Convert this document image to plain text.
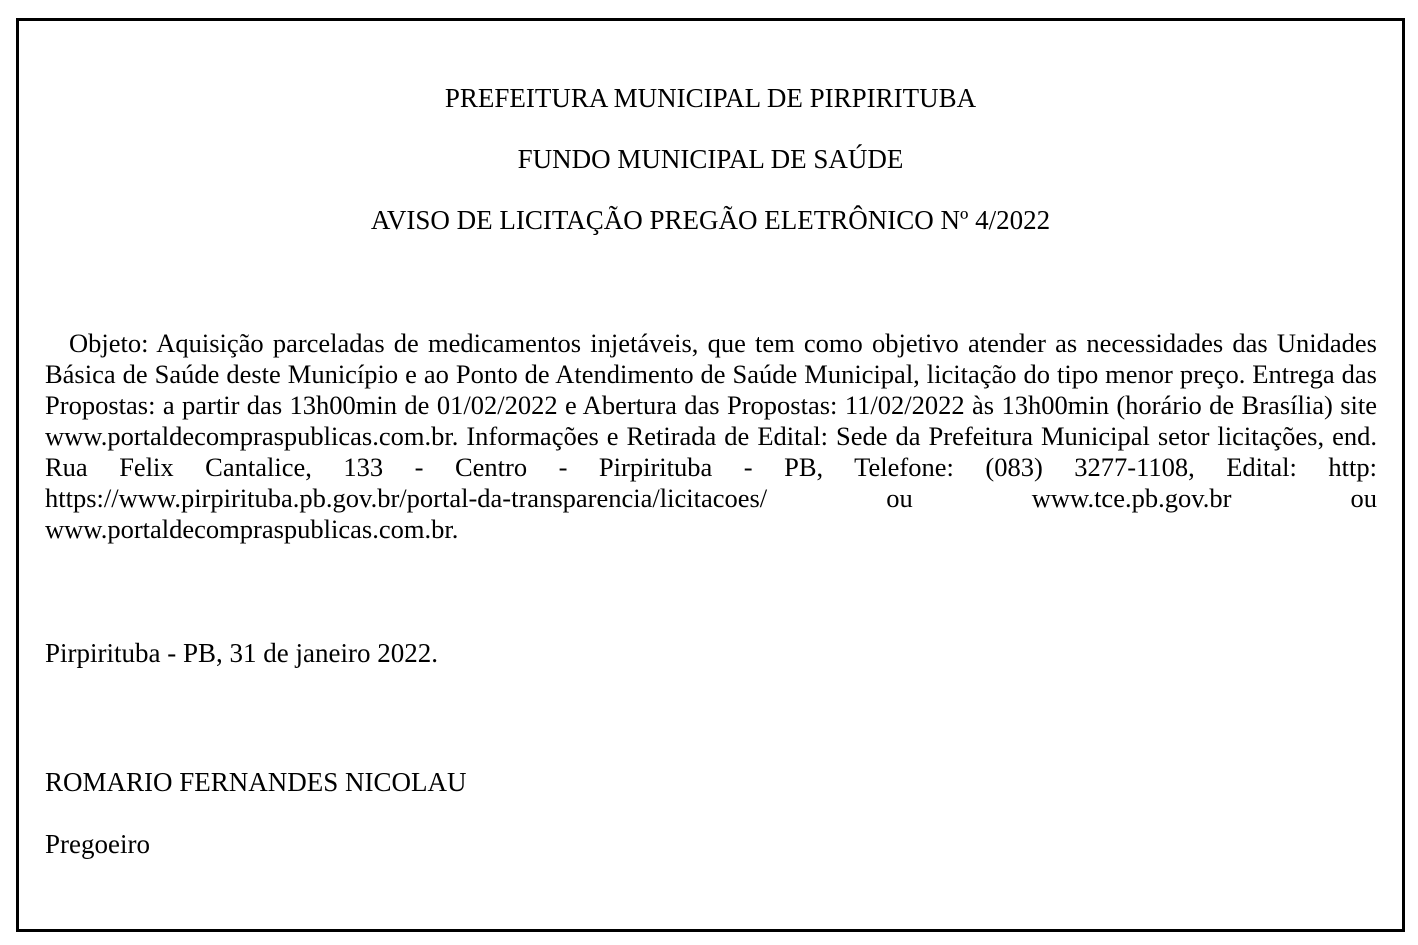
PREFEITURA MUNICIPAL DE PIRPIRITUBA
FUNDO MUNICIPAL DE SAÚDE
AVISO DE LICITAÇÃO PREGÃO ELETRÔNICO Nº 4/2022
Objeto: Aquisição parceladas de medicamentos injetáveis, que tem como objetivo atender as necessidades das Unidades Básica de Saúde deste Município e ao Ponto de Atendimento de Saúde Municipal, licitação do tipo menor preço. Entrega das Propostas: a partir das 13h00min de 01/02/2022 e Abertura das Propostas: 11/02/2022 às 13h00min (horário de Brasília) site www.portaldecompraspublicas.com.br. Informações e Retirada de Edital: Sede da Prefeitura Municipal setor licitações, end. Rua Felix Cantalice, 133 - Centro - Pirpirituba - PB, Telefone: (083) 3277-1108, Edital: http: https://www.pirpirituba.pb.gov.br/portal-da-transparencia/licitacoes/ ou www.tce.pb.gov.br ou www.portaldecompraspublicas.com.br.
Pirpirituba - PB, 31 de janeiro 2022.
ROMARIO FERNANDES NICOLAU
Pregoeiro
